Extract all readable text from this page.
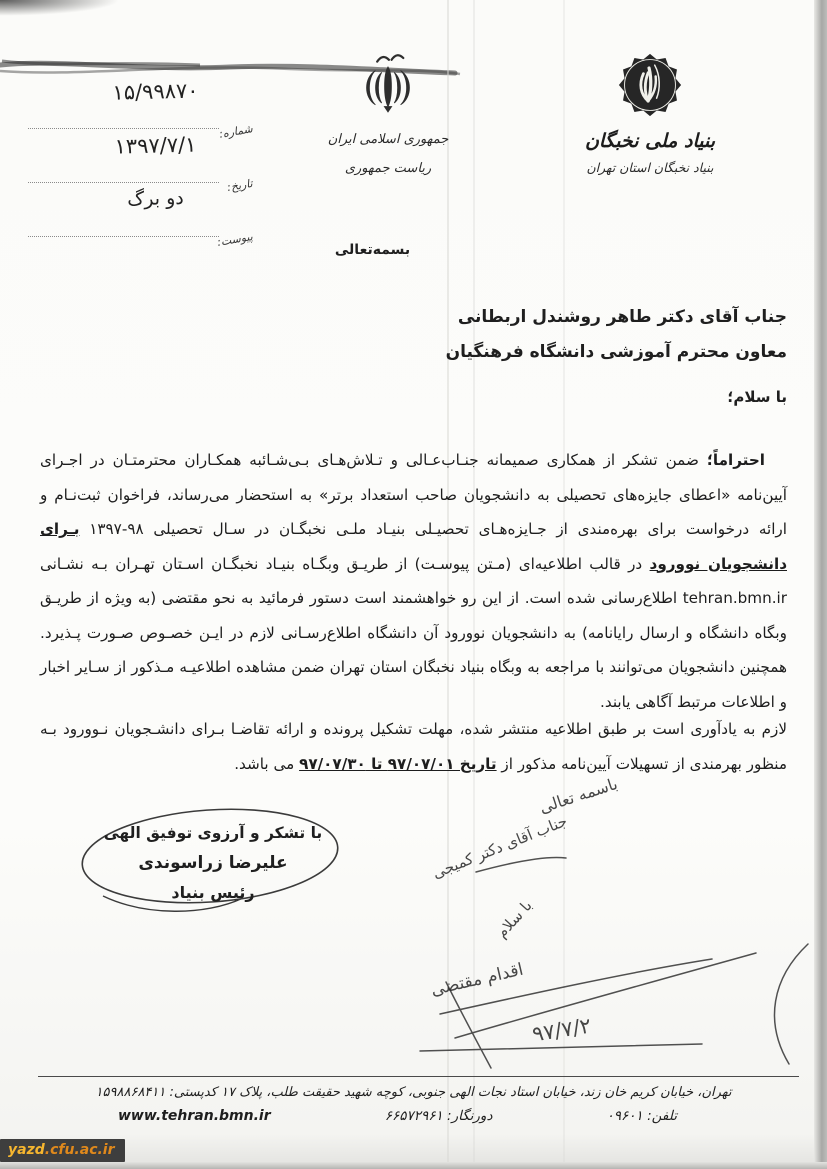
۱۵/۹۹۸۷۰
شماره:
۱۳۹۷/۷/۱
تاریخ:
دو برگ
پیوست:
جمهوری اسلامی ایران
ریاست جمهوری
بنیاد ملی نخبگان
بنیاد نخبگان استان تهران
بسمه‌تعالی
جناب آقای دکتر طاهر روشندل اربطانی
معاون محترم آموزشی دانشگاه فرهنگیان
با سلام؛

احتراماً؛ ضمن تشکر از همکاری صمیمانه جنـاب‌عـالی و تـلاش‌هـای بـی‌شـائبه همکـاران محترمتـان در اجـرای آیین‌نامه «اعطای جایزه‌های تحصیلی به دانشجویان صاحب استعداد برتر» به استحضار می‌رساند، فراخوان ثبت‌نـام و ارائه درخواست برای بهره‌مندی از جـایزه‌هـای تحصیـلی بنیـاد ملـی نخبگـان در سـال تحصیلی ۹۸-۱۳۹۷ بـرای دانشجویان نوورود در قالب اطلاعیه‌ای (مـتن پیوسـت) از طریـق وبگـاه بنیـاد نخبگـان اسـتان تهـران بـه نشـانی tehran.bmn.ir اطلاع‌رسانی شده است. از این رو خواهشمند است دستور فرمائید به نحو مقتضی (به ویژه از طریـق وبگاه دانشگاه و ارسال رایانامه) به دانشجویان نوورود آن دانشگاه اطلاع‌رسـانی لازم در ایـن خصـوص صـورت پـذیرد. همچنین دانشجویان می‌توانند با مراجعه به وبگاه بنیاد نخبگان استان تهران ضمن مشاهده اطلاعیـه مـذکور از سـایر اخبار و اطلاعات مرتبط آگاهی یابند.

لازم به یادآوری است بر طبق اطلاعیه منتشر شده، مهلت تشکیل پرونده و ارائه تقاضـا بـرای دانشـجویان نـوورود بـه منظور بهرمندی از تسهیلات آیین‌نامه مذکور از تاریخ ۹۷/۰۷/۰۱ تا ۹۷/۰۷/۳۰ می باشد.

با تشکر و آرزوی توفیق الهی
علیرضا زراسوندی
رئیس بنیاد
باسمه تعالی
جناب آقای دکتر کمیجی
با سلام
اقدام مقتضی
۹۷/۷/۲
تهران، خیابان کریم خان زند، خیابان استاد نجات الهی جنوبی، کوچه شهید حقیقت طلب، پلاک ۱۷ کدپستی: ۱۵۹۸۸۶۸۴۱۱
تلفن: ۰۹۶۰۱
دورنگار: ۶۶۵۷۲۹۶۱
www.tehran.bmn.ir
yazd.cfu.ac.ir
